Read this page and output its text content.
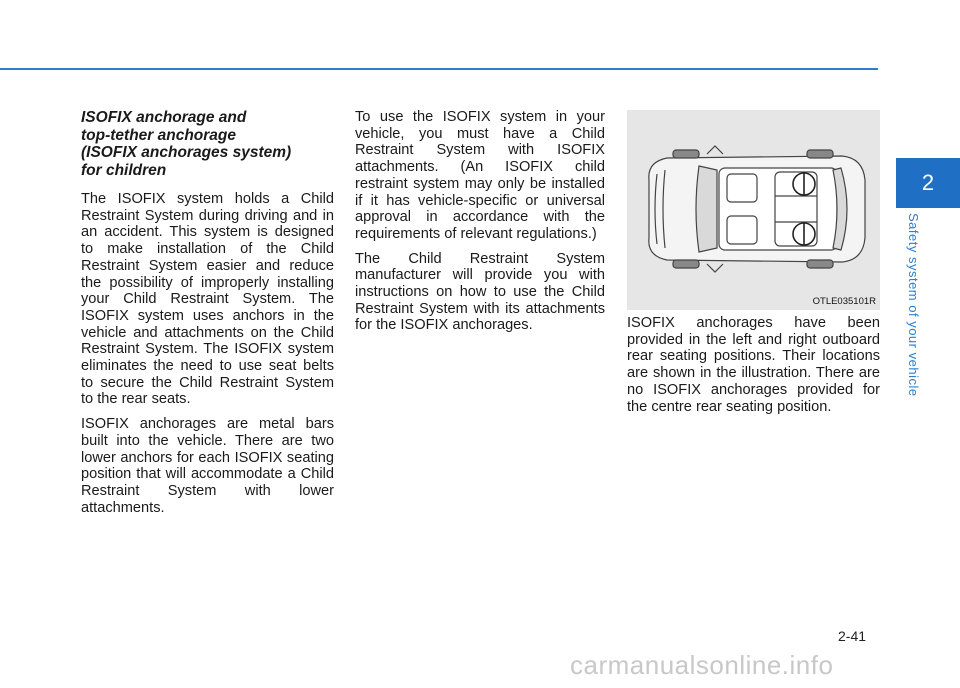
2
Safety system of your vehicle
ISOFIX anchorage and
top-tether anchorage
(ISOFIX anchorages system)
for children

The ISOFIX system holds a Child Restraint System during driving and in an accident. This system is designed to make installation of the Child Restraint System easier and reduce the possibility of improperly installing your Child Restraint System. The ISOFIX system uses anchors in the vehicle and attachments on the Child Restraint System. The ISOFIX system eliminates the need to use seat belts to secure the Child Restraint System to the rear seats.

ISOFIX anchorages are metal bars built into the vehicle. There are two lower anchors for each ISOFIX seating position that will accommodate a Child Restraint System with lower attachments.

To use the ISOFIX system in your vehicle, you must have a Child Restraint System with ISOFIX attachments. (An ISOFIX child restraint system may only be installed if it has vehicle-specific or universal approval in accordance with the requirements of relevant regulations.)

The Child Restraint System manufacturer will provide you with instructions on how to use the Child Restraint System with its attachments for the ISOFIX anchorages.

OTLE035101R

ISOFIX anchorages have been provided in the left and right outboard rear seating positions. Their locations are shown in the illustration. There are no ISOFIX anchorages provided for the centre rear seating position.

2-41
carmanualsonline.info
